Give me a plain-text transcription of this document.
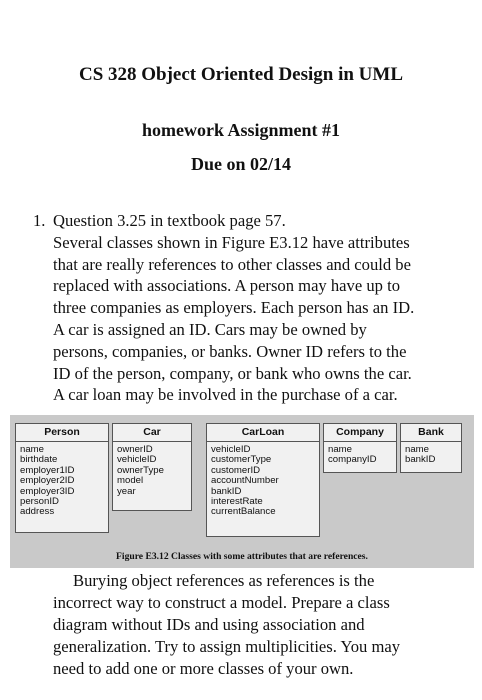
CS 328 Object Oriented Design in UML
homework Assignment #1
Due on 02/14
1. Question 3.25 in textbook page 57.
Several classes shown in Figure E3.12 have attributes
that are really references to other classes and could be
replaced with associations. A person may have up to
three companies as employers. Each person has an ID.
A car is assigned an ID. Cars may be owned by
persons, companies, or banks. Owner ID refers to the
ID of the person, company, or bank who owns the car.
A car loan may be involved in the purchase of a car.
Person
name
birthdate
employer1ID
employer2ID
employer3ID
personID
address
Car
ownerID
vehicleID
ownerType
model
year
CarLoan
vehicleID
customerType
customerID
accountNumber
bankID
interestRate
currentBalance
Company
name
companyID
Bank
name
bankID
Figure E3.12 Classes with some attributes that are references.
Burying object references as references is the
incorrect way to construct a model. Prepare a class
diagram without IDs and using association and
generalization. Try to assign multiplicities. You may
need to add one or more classes of your own.
